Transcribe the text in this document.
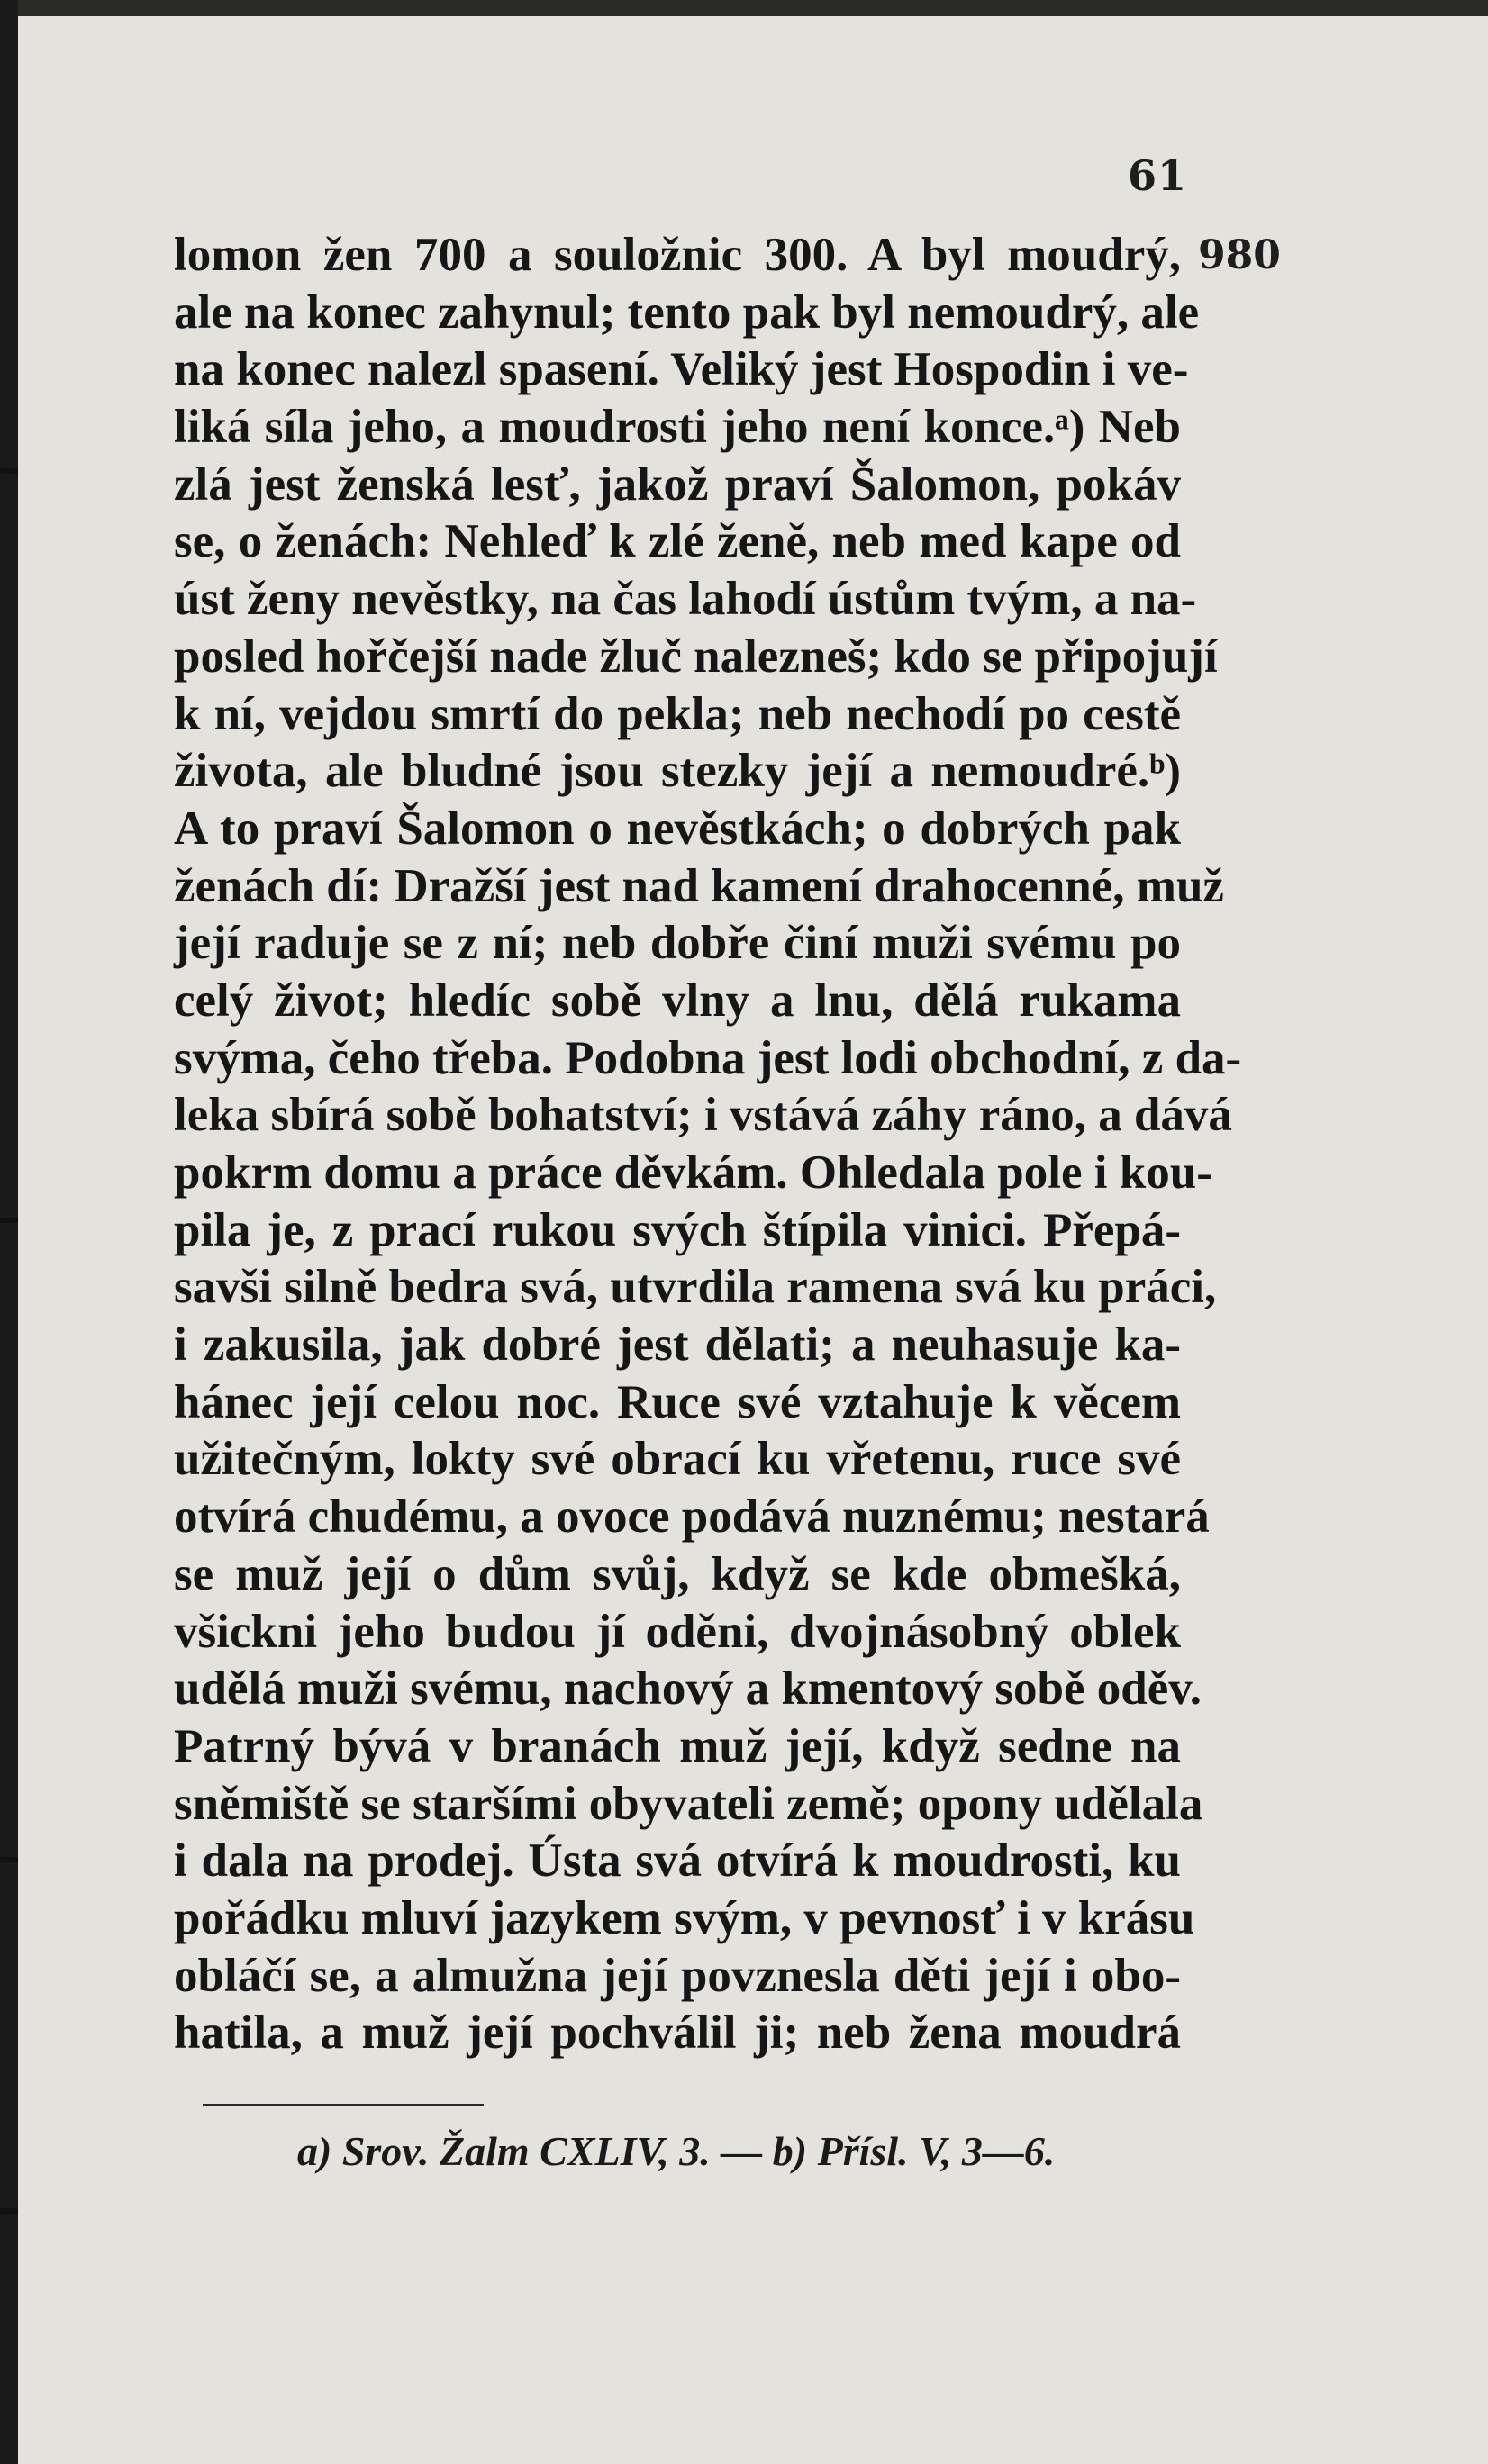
61
980
lomon žen 700 a souložnic 300. A byl moudrý,
ale na konec zahynul; tento pak byl nemoudrý, ale
na konec nalezl spasení. Veliký jest Hospodin i ve-
liká síla jeho, a moudrosti jeho není konce.ᵃ) Neb
zlá jest ženská lesť, jakož praví Šalomon, pokáv
se, o ženách: Nehleď k zlé ženě, neb med kape od
úst ženy nevěstky, na čas lahodí ústům tvým, a na-
posled hořčejší nade žluč nalezneš; kdo se připojují
k ní, vejdou smrtí do pekla; neb nechodí po cestě
života, ale bludné jsou stezky její a nemoudré.ᵇ)
A to praví Šalomon o nevěstkách; o dobrých pak
ženách dí: Dražší jest nad kamení drahocenné, muž
její raduje se z ní; neb dobře činí muži svému po
celý život; hledíc sobě vlny a lnu, dělá rukama
svýma, čeho třeba. Podobna jest lodi obchodní, z da-
leka sbírá sobě bohatství; i vstává záhy ráno, a dává
pokrm domu a práce děvkám. Ohledala pole i kou-
pila je, z prací rukou svých štípila vinici. Přepá-
savši silně bedra svá, utvrdila ramena svá ku práci,
i zakusila, jak dobré jest dělati; a neuhasuje ka-
hánec její celou noc. Ruce své vztahuje k věcem
užitečným, lokty své obrací ku vřetenu, ruce své
otvírá chudému, a ovoce podává nuznému; nestará
se muž její o dům svůj, když se kde obmešká,
všickni jeho budou jí oděni, dvojnásobný oblek
udělá muži svému, nachový a kmentový sobě oděv.
Patrný bývá v branách muž její, když sedne na
sněmiště se staršími obyvateli země; opony udělala
i dala na prodej. Ústa svá otvírá k moudrosti, ku
pořádku mluví jazykem svým, v pevnosť i v krásu
obláčí se, a almužna její povznesla děti její i obo-
hatila, a muž její pochválil ji; neb žena moudrá
a) Srov. Žalm CXLIV, 3. — b) Přísl. V, 3—6.
